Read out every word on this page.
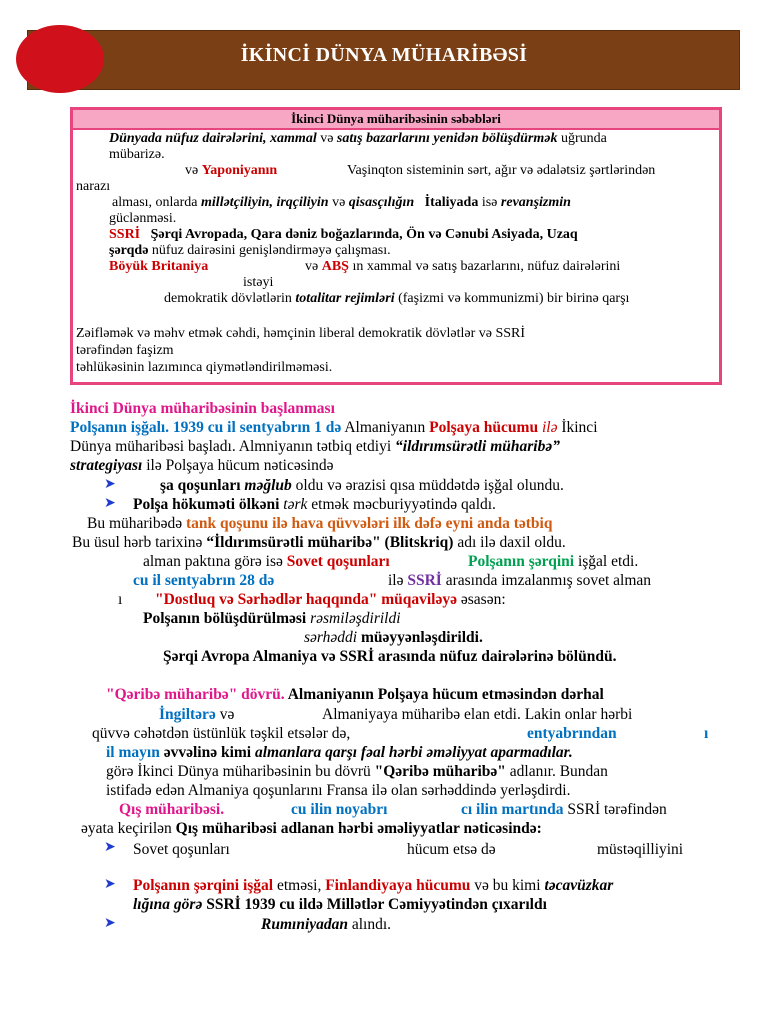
İKİNCİ DÜNYA MÜHARİBƏSİ
İkinci Dünya müharibəsinin səbəbləri
Dünyada nüfuz dairələrini, xammal və satış bazarlarını yenidən bölüşdürmək uğrunda
mübarizə.
və Yaponiyanın	Vaşinqton sisteminin sərt, ağır və ədalətsiz şərtlərindən
narazı
alması, onlarda millətçiliyin, irqçiliyin və qisasçılığın İtaliyada isə revanşizmin
güclənməsi.
SSRİ Şərqi Avropada, Qara dəniz boğazlarında, Ön və Cənubi Asiyada, Uzaq
şərqdə nüfuz dairəsini genişləndirməyə çalışması.
Böyük Britaniya	və ABŞ ın xammal və satış bazarlarını, nüfuz dairələrini
istəyi
demokratik dövlətlərin totalitar rejimləri (faşizmi və kommunizmi) bir birinə qarşı
Zəifləmək və məhv etmək cəhdi, həmçinin liberal demokratik dövlətlər və SSRİ
tərəfindən faşizm
təhlükəsinin lazımınca qiymətləndirilməməsi.
İkinci Dünya müharibəsinin başlanması
Polşanın işğalı. 1939 cu il sentyabrın 1 də Almaniyanın Polşaya hücumu ilə İkinci
Dünya müharibəsi başladı. Almniyanın tətbiq etdiyi “ildırımsürətli müharibə”
strategiyası ilə Polşaya hücum nəticəsində
➤	şa qoşunları məğlub oldu və ərazisi qısa müddətdə işğal olundu.
➤ Polşa hökuməti ölkəni tərk etmək məcburiyyətində qaldı.
Bu müharibədə tank qoşunu ilə hava qüvvələri ilk dəfə eyni anda tətbiq
Bu üsul hərb tarixinə “İldırımsürətli müharibə" (Blitskriq) adı ilə daxil oldu.
alman paktına görə isə Sovet qoşunları	Polşanın şərqini işğal etdi.
cu il sentyabrın 28 də	ilə SSRİ arasında imzalanmış sovet alman
ı "Dostluq və Sərhədlər haqqında" müqaviləyə əsasən:
Polşanın bölüşdürülməsi rəsmiləşdirildi
sərhəddi müəyyənləşdirildi.
Şərqi Avropa Almaniya və SSRİ arasında nüfuz dairələrinə bölündü.
"Qəribə müharibə" dövrü. Almaniyanın Polşaya hücum etməsindən dərhal
İngiltərə və	Almaniyaya müharibə elan etdi. Lakin onlar hərbi
qüvvə cəhətdən üstünlük təşkil etsələr də,	entyabrından	ı
il mayın əvvəlinə kimi almanlara qarşı fəal hərbi əməliyyat aparmadılar.
görə İkinci Dünya müharibəsinin bu dövrü "Qəribə müharibə" adlanır. Bundan
istifadə edən Almaniya qoşunlarını Fransa ilə olan sərhəddində yerləşdirdi.
Qış müharibəsi.	cu ilin noyabrı	cı ilin martında SSRİ tərəfindən
əyata keçirilən Qış müharibəsi adlanan hərbi əməliyyatlar nəticəsində:
➤ Sovet qoşunları	hücum etsə də	müstəqilliyini
➤ Polşanın şərqini işğal etməsi, Finlandiyaya hücumu və bu kimi təcavüzkar
lığına görə SSRİ 1939 cu ildə Millətlər Cəmiyyətindən çıxarıldı
➤	Rumıniyadan alındı.
